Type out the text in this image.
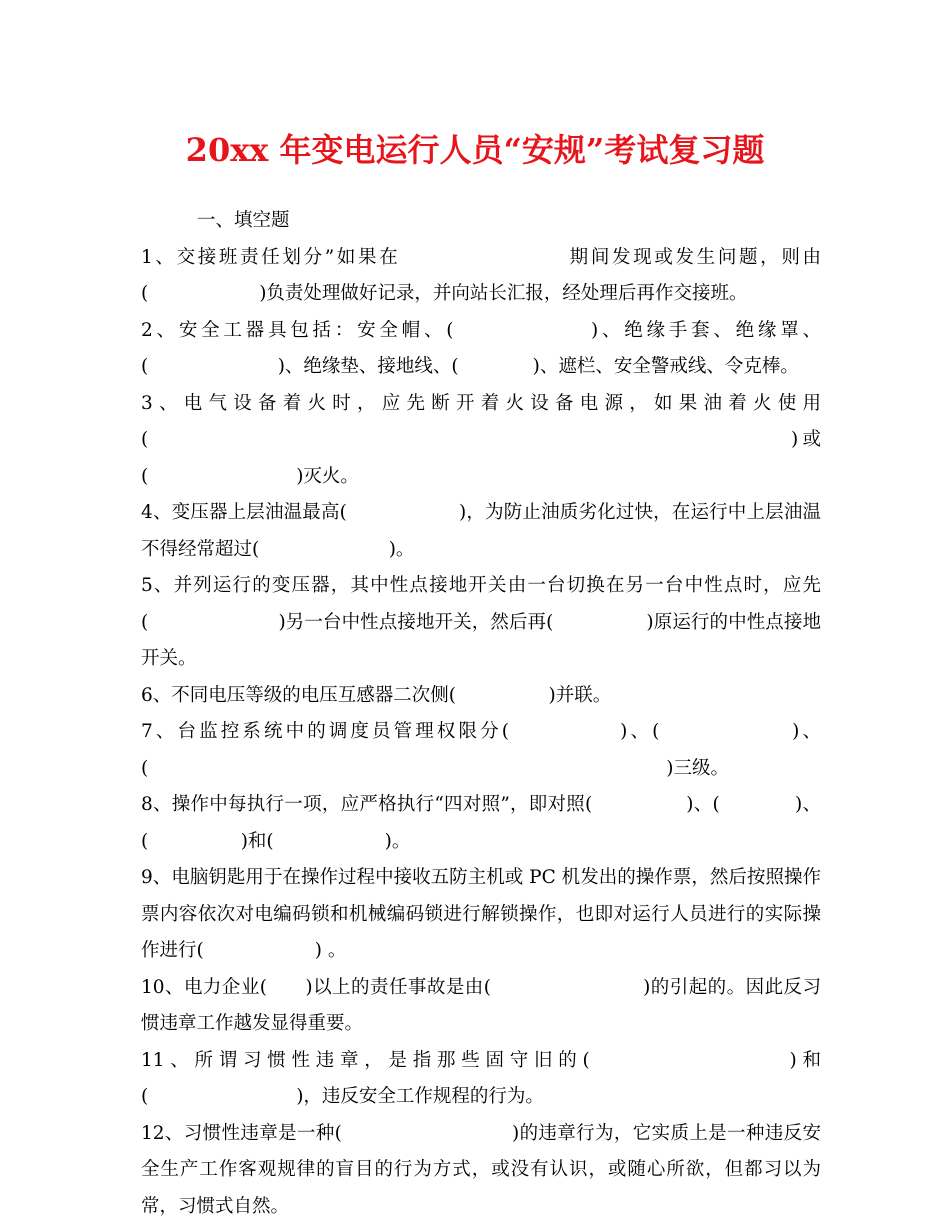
20xx 年变电运行人员“安规”考试复习题

一、填空题

1、交接班责任划分”如果在　　　　　　　　期间发现或发生问题，则由(　　　　　　)负责处理做好记录，并向站长汇报，经处理后再作交接班。

2、安全工器具包括：安全帽、(　　　　　　)、绝缘手套、绝缘罩、(　　　　　　　)、绝缘垫、接地线、(　　　　)、遮栏、安全警戒线、令克棒。

3、电气设备着火时，应先断开着火设备电源，如果油着火使用(　　　　　　　　　　　　　　　　　　　　　　　　　　　　)或(　　　　　　　　)灭火。

4、变压器上层油温最高(　　　　　　)，为防止油质劣化过快，在运行中上层油温不得经常超过(　　　　　　　)。

5、并列运行的变压器，其中性点接地开关由一台切换在另一台中性点时，应先(　　　　　　　)另一台中性点接地开关，然后再(　　　　　)原运行的中性点接地开关。

6、不同电压等级的电压互感器二次侧(　　　　　)并联。

7、台监控系统中的调度员管理权限分(　　　　　)、(　　　　　　)、(　　　　　　　　　　　　　　　　　　　　　　　　　　　　)三级。

8、操作中每执行一项，应严格执行“四对照”，即对照(　　　　　)、(　　　　)、(　　　　　)和(　　　　　　)。

9、电脑钥匙用于在操作过程中接收五防主机或 PC 机发出的操作票，然后按照操作票内容依次对电编码锁和机械编码锁进行解锁操作，也即对运行人员进行的实际操作进行(　　　　　　) 。

10、电力企业(　　)以上的责任事故是由(　　　　　　　　)的引起的。因此反习惯违章工作越发显得重要。

11、所谓习惯性违章，是指那些固守旧的(　　　　　　　　)和(　　　　　　　　)，违反安全工作规程的行为。

12、习惯性违章是一种(　　　　　　　　　)的违章行为，它实质上是一种违反安全生产工作客观规律的盲目的行为方式，或没有认识，或随心所欲，但都习以为常，习惯式自然。
